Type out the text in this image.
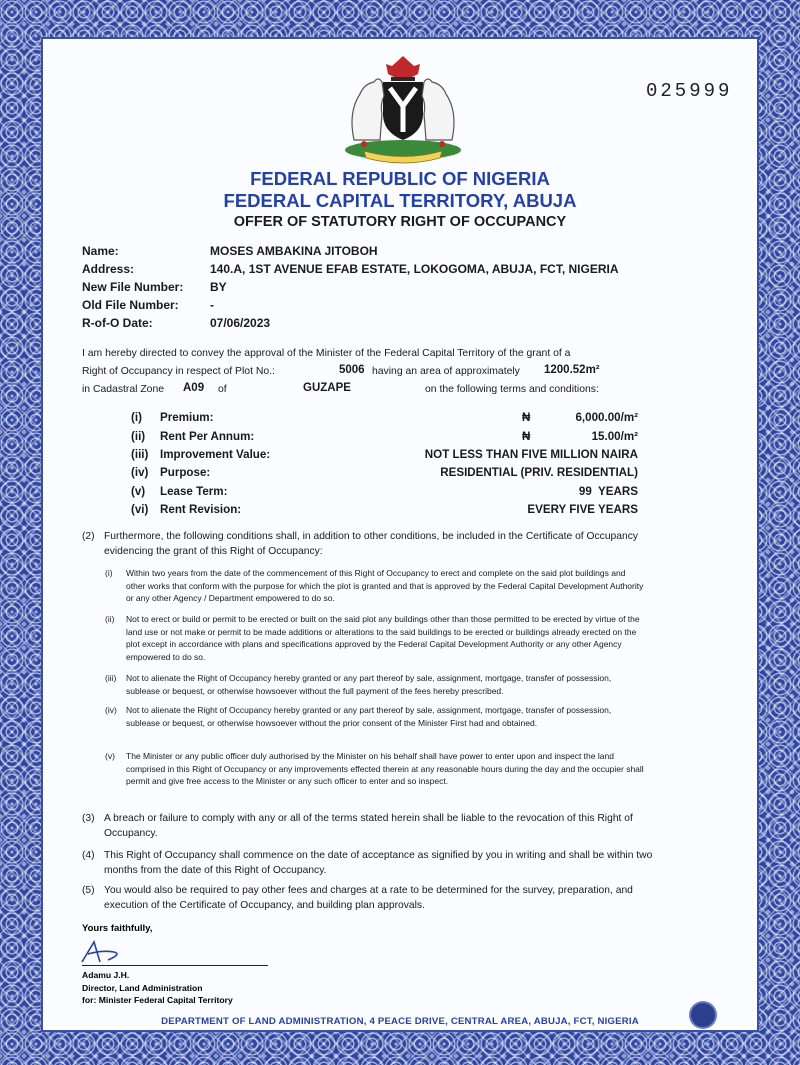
025999
FEDERAL REPUBLIC OF NIGERIA
FEDERAL CAPITAL TERRITORY, ABUJA
OFFER OF STATUTORY RIGHT OF OCCUPANCY
Name:	MOSES AMBAKINA JITOBOH
Address:	140.A, 1ST AVENUE EFAB ESTATE, LOKOGOMA, ABUJA, FCT, NIGERIA
New File Number: BY
Old File Number:	-
R-of-O Date:	07/06/2023
I am hereby directed to convey the approval of the Minister of the Federal Capital Territory of the grant of a
Right of Occupancy in respect of Plot No.:	5006 having an area of approximately 1200.52m²
in Cadastral Zone A09 of	GUZAPE	on the following terms and conditions:
(i) Premium:	₦	6,000.00/m²
(ii) Rent Per Annum:	₦	15.00/m²
(iii) Improvement Value:	NOT LESS THAN FIVE MILLION NAIRA
(iv) Purpose:	RESIDENTIAL (PRIV. RESIDENTIAL)
(v) Lease Term:	99  YEARS
(vi) Rent Revision:	EVERY FIVE YEARS
(2) Furthermore, the following conditions shall, in addition to other conditions, be included in the Certificate of Occupancy evidencing the grant of this Right of Occupancy:
(i) Within two years from the date of the commencement of this Right of Occupancy to erect and complete on the said plot buildings and other works that conform with the purpose for which the plot is granted and that is approved by the Federal Capital Development Authority or any other Agency / Department empowered to do so.
(ii) Not to erect or build or permit to be erected or built on the said plot any buildings other than those permitted to be erected by virtue of the land use or not make or permit to be made additions or alterations to the said buildings to be erected or buildings already erected on the plot except in accordance with plans and specifications approved by the Federal Capital Development Authority or any other Agency empowered to do so.
(iii) Not to alienate the Right of Occupancy hereby granted or any part thereof by sale, assignment, mortgage, transfer of possession, sublease or bequest, or otherwise howsoever without the full payment of the fees hereby prescribed.
(iv) Not to alienate the Right of Occupancy hereby granted or any part thereof by sale, assignment, mortgage, transfer of possession, sublease or bequest, or otherwise howsoever without the prior consent of the Minister First had and obtained.
(v) The Minister or any public officer duly authorised by the Minister on his behalf shall have power to enter upon and inspect the land comprised in this Right of Occupancy or any improvements effected therein at any reasonable hours during the day and the occupier shall permit and give free access to the Minister or any such officer to enter and so inspect.
(3) A breach or failure to comply with any or all of the terms stated herein shall be liable to the revocation of this Right of Occupancy.
(4) This Right of Occupancy shall commence on the date of acceptance as signified by you in writing and shall be within two months from the date of this Right of Occupancy.
(5) You would also be required to pay other fees and charges at a rate to be determined for the survey, preparation, and execution of the Certificate of Occupancy, and building plan approvals.
Yours faithfully,
Adamu J.H.
Director, Land Administration
for: Minister Federal Capital Territory
DEPARTMENT OF LAND ADMINISTRATION, 4 PEACE DRIVE, CENTRAL AREA, ABUJA, FCT, NIGERIA
